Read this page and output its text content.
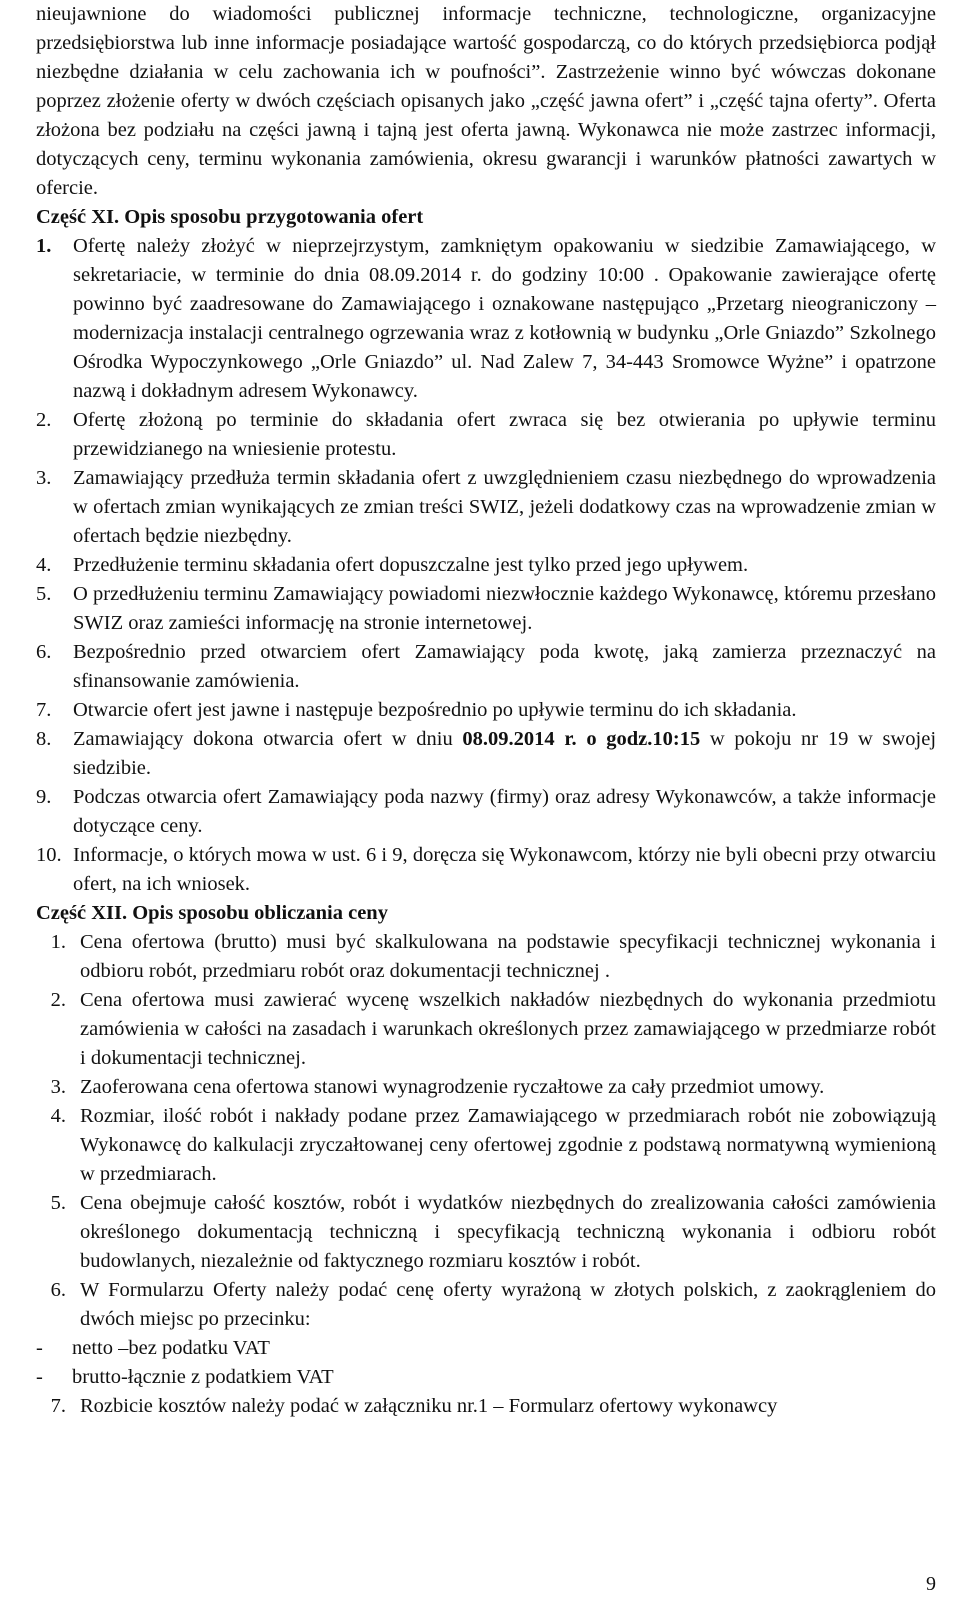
nieujawnione do wiadomości publicznej informacje techniczne, technologiczne, organizacyjne przedsiębiorstwa lub inne informacje posiadające wartość gospodarczą, co do których przedsiębiorca podjął niezbędne działania w celu zachowania ich w poufności”. Zastrzeżenie winno być wówczas dokonane poprzez złożenie oferty w dwóch częściach opisanych jako „część jawna ofert” i „część tajna oferty”. Oferta złożona bez podziału na części jawną i tajną jest oferta jawną. Wykonawca nie może zastrzec informacji, dotyczących ceny, terminu wykonania zamówienia, okresu gwarancji i warunków płatności zawartych w ofercie.

Część XI. Opis sposobu przygotowania ofert
1. Ofertę należy złożyć w nieprzejrzystym, zamkniętym opakowaniu w siedzibie Zamawiającego, w sekretariacie, w terminie do dnia 08.09.2014 r. do godziny 10:00 . Opakowanie zawierające ofertę powinno być zaadresowane do Zamawiającego i oznakowane następująco „Przetarg nieograniczony – modernizacja instalacji centralnego ogrzewania wraz z kotłownią w budynku „Orle Gniazdo” Szkolnego Ośrodka Wypoczynkowego „Orle Gniazdo” ul. Nad Zalew 7, 34-443 Sromowce Wyżne” i opatrzone nazwą i dokładnym adresem Wykonawcy.
2. Ofertę złożoną po terminie do składania ofert zwraca się bez otwierania po upływie terminu przewidzianego na wniesienie protestu.
3. Zamawiający przedłuża termin składania ofert z uwzględnieniem czasu niezbędnego do wprowadzenia w ofertach zmian wynikających ze zmian treści SWIZ, jeżeli dodatkowy czas na wprowadzenie zmian w ofertach będzie niezbędny.
4. Przedłużenie terminu składania ofert dopuszczalne jest tylko przed jego upływem.
5. O przedłużeniu terminu Zamawiający powiadomi niezwłocznie każdego Wykonawcę, któremu przesłano SWIZ oraz zamieści informację na stronie internetowej.
6. Bezpośrednio przed otwarciem ofert Zamawiający poda kwotę, jaką zamierza przeznaczyć na sfinansowanie zamówienia.
7. Otwarcie ofert jest jawne i następuje bezpośrednio po upływie terminu do ich składania.
8. Zamawiający dokona otwarcia ofert w dniu 08.09.2014 r. o godz.10:15 w pokoju nr 19 w swojej siedzibie.
9. Podczas otwarcia ofert Zamawiający poda nazwy (firmy) oraz adresy Wykonawców, a także informacje dotyczące ceny.
10. Informacje, o których mowa w ust. 6 i 9, doręcza się Wykonawcom, którzy nie byli obecni przy otwarciu ofert, na ich wniosek.
Część XII. Opis sposobu obliczania ceny
1. Cena ofertowa (brutto) musi być skalkulowana na podstawie specyfikacji technicznej wykonania i odbioru robót, przedmiaru robót oraz dokumentacji technicznej .
2. Cena ofertowa musi zawierać wycenę wszelkich nakładów niezbędnych do wykonania przedmiotu zamówienia w całości na zasadach i warunkach określonych przez zamawiającego w przedmiarze robót i dokumentacji technicznej.
3. Zaoferowana cena ofertowa stanowi wynagrodzenie ryczałtowe za cały przedmiot umowy.
4. Rozmiar, ilość robót i nakłady podane przez Zamawiającego w przedmiarach robót nie zobowiązują Wykonawcę do kalkulacji zryczałtowanej ceny ofertowej zgodnie z podstawą normatywną wymienioną w przedmiarach.
5. Cena obejmuje całość kosztów, robót i wydatków niezbędnych do zrealizowania całości zamówienia określonego dokumentacją techniczną i specyfikacją techniczną wykonania i odbioru robót budowlanych, niezależnie od faktycznego rozmiaru kosztów i robót.
6. W Formularzu Oferty należy podać cenę oferty wyrażoną w złotych polskich, z zaokrągleniem do dwóch miejsc po przecinku:
- netto –bez podatku VAT
- brutto-łącznie z podatkiem VAT
7. Rozbicie kosztów należy podać w załączniku nr.1 – Formularz ofertowy wykonawcy
9
